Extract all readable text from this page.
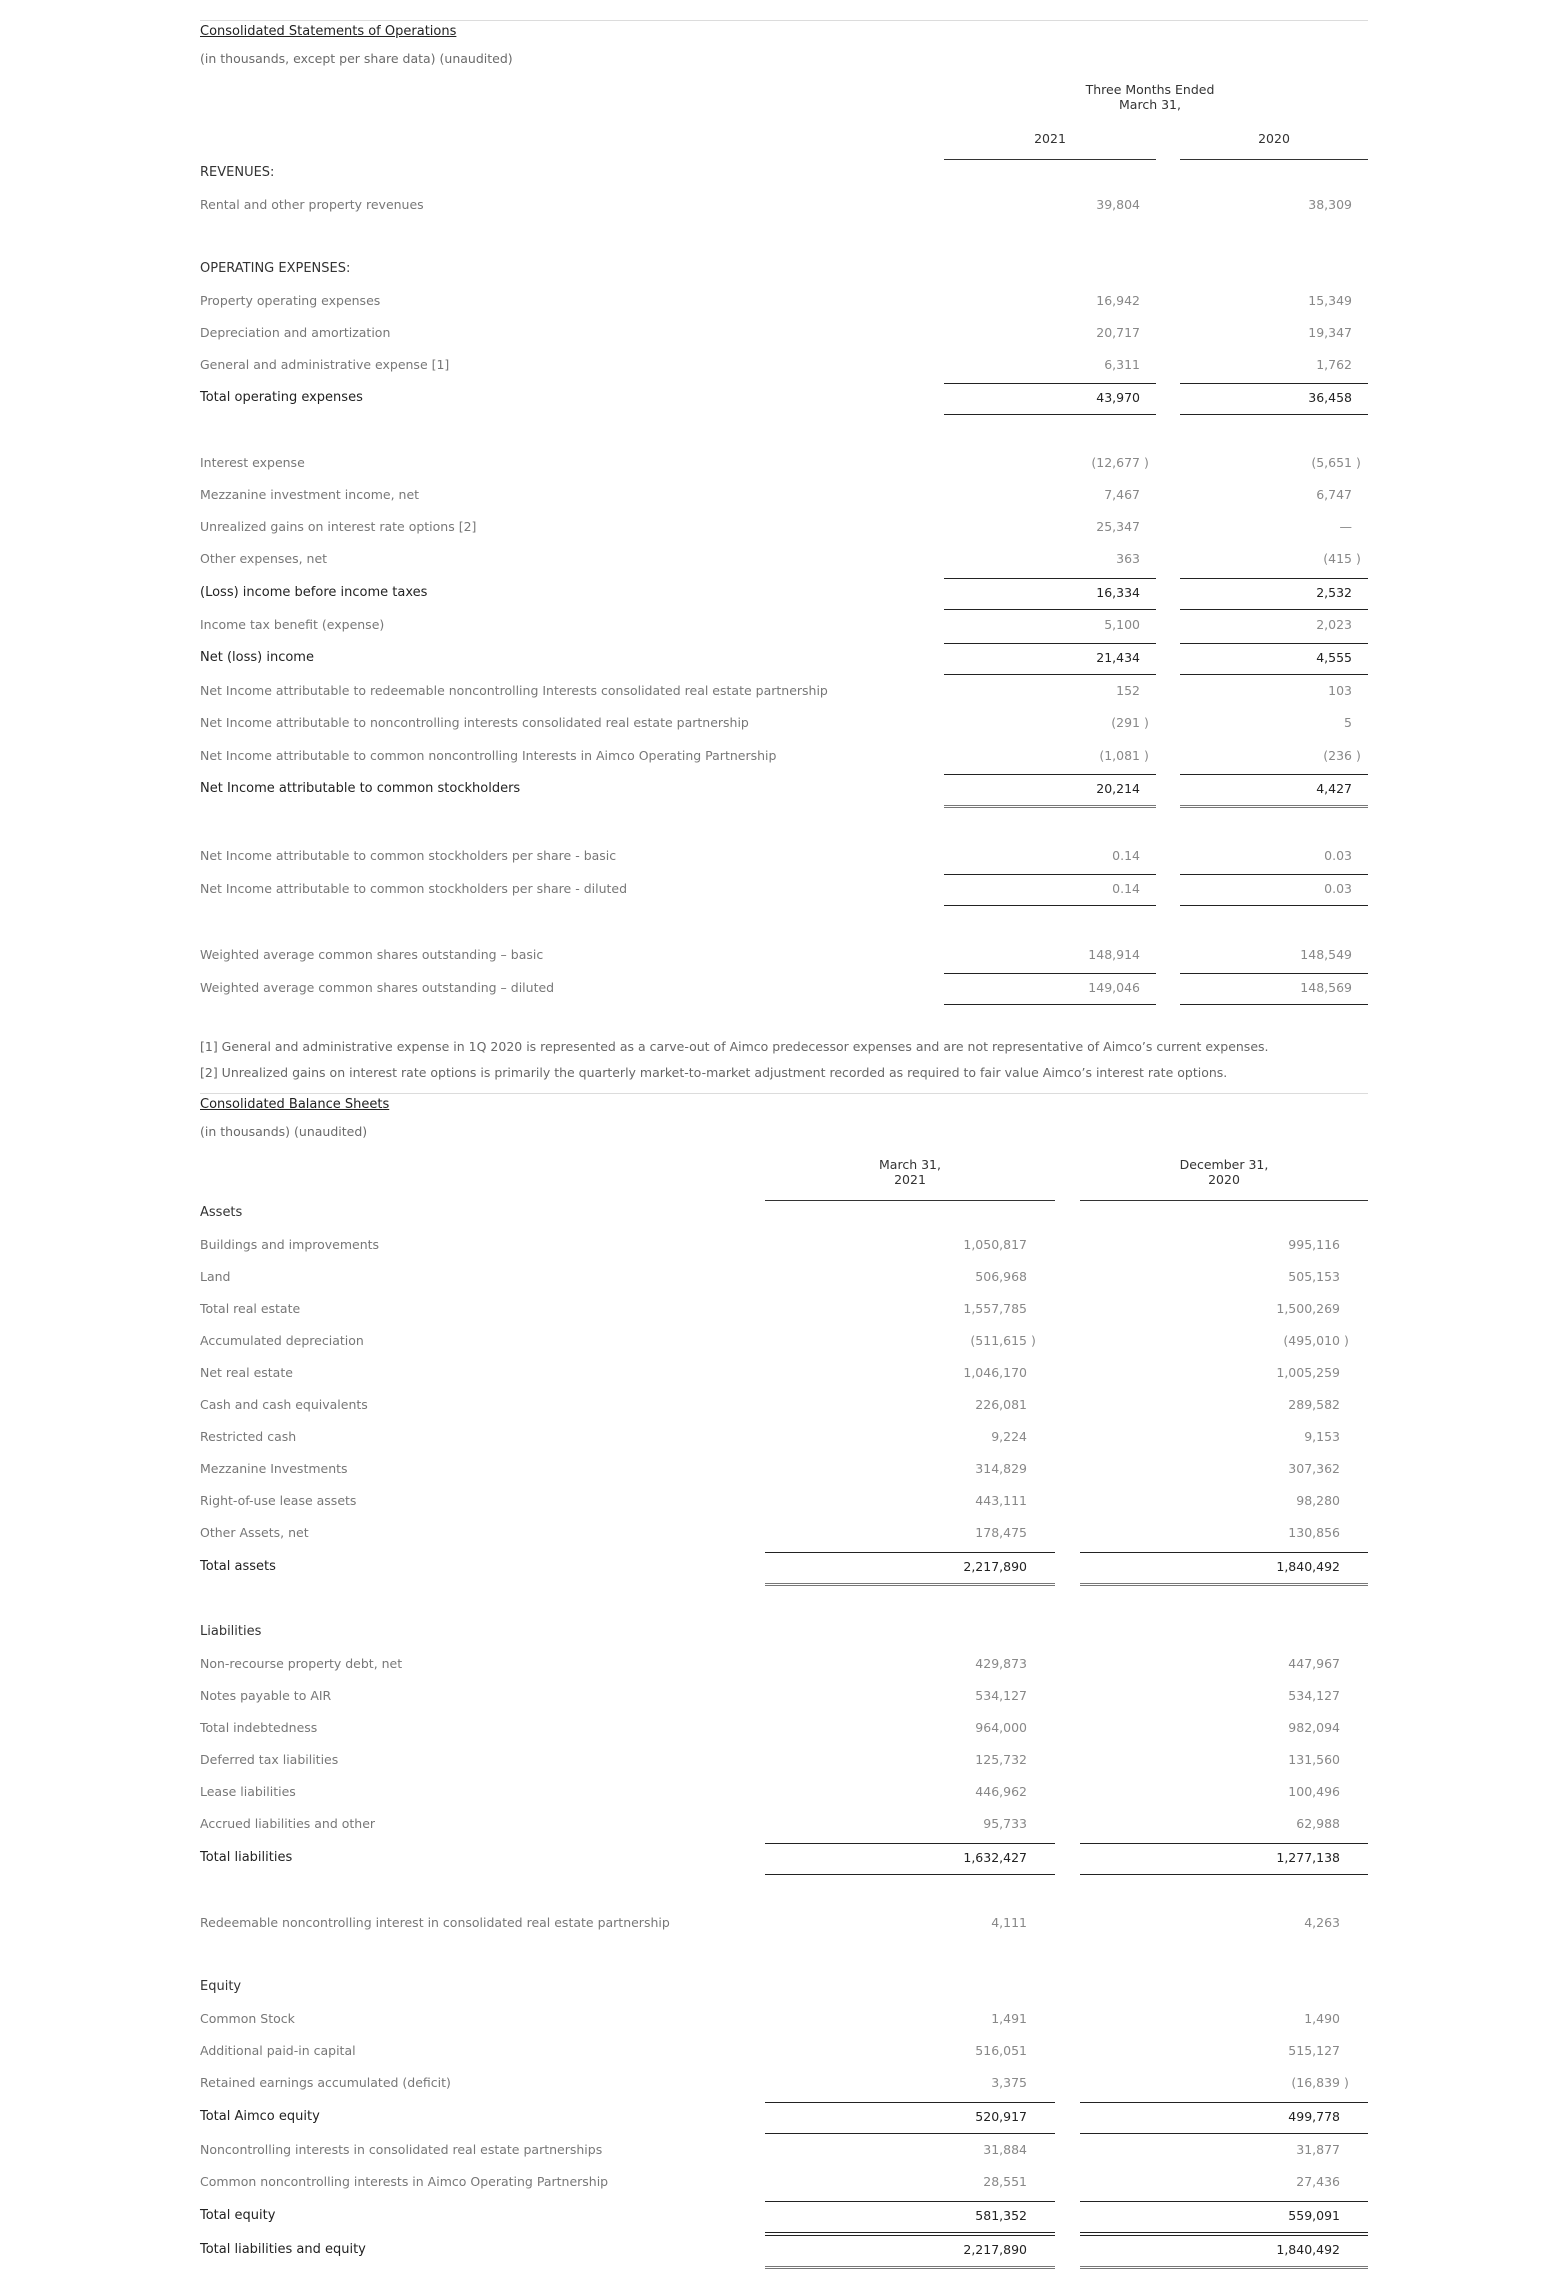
Consolidated Statements of Operations
(in thousands, except per share data) (unaudited)
Three Months Ended
March 31,
2021	2020
REVENUES:
Rental and other property revenues	39,804	38,309
OPERATING EXPENSES:
Property operating expenses	16,942	15,349
Depreciation and amortization	20,717	19,347
General and administrative expense [1]	6,311	1,762
Total operating expenses	43,970	36,458
Interest expense	(12,677 )	(5,651 )
Mezzanine investment income, net	7,467	6,747
Unrealized gains on interest rate options [2]	25,347	—
Other expenses, net	363	(415 )
(Loss) income before income taxes	16,334	2,532
Income tax benefit (expense)	5,100	2,023
Net (loss) income	21,434	4,555
Net Income attributable to redeemable noncontrolling Interests consolidated real estate partnership	152	103
Net Income attributable to noncontrolling interests consolidated real estate partnership	(291 )	5
Net Income attributable to common noncontrolling Interests in Aimco Operating Partnership	(1,081 )	(236 )
Net Income attributable to common stockholders	20,214	4,427
Net Income attributable to common stockholders per share - basic	0.14	0.03
Net Income attributable to common stockholders per share - diluted	0.14	0.03
Weighted average common shares outstanding – basic	148,914	148,549
Weighted average common shares outstanding – diluted	149,046	148,569
[1] General and administrative expense in 1Q 2020 is represented as a carve-out of Aimco predecessor expenses and are not representative of Aimco’s current expenses.
[2] Unrealized gains on interest rate options is primarily the quarterly market-to-market adjustment recorded as required to fair value Aimco’s interest rate options.
Consolidated Balance Sheets
(in thousands) (unaudited)
March 31,
2021
December 31,
2020
Assets
Buildings and improvements	1,050,817	995,116
Land	506,968	505,153
Total real estate	1,557,785	1,500,269
Accumulated depreciation	(511,615 )	(495,010 )
Net real estate	1,046,170	1,005,259
Cash and cash equivalents	226,081	289,582
Restricted cash	9,224	9,153
Mezzanine Investments	314,829	307,362
Right-of-use lease assets	443,111	98,280
Other Assets, net	178,475	130,856
Total assets	2,217,890	1,840,492
Liabilities
Non-recourse property debt, net	429,873	447,967
Notes payable to AIR	534,127	534,127
Total indebtedness	964,000	982,094
Deferred tax liabilities	125,732	131,560
Lease liabilities	446,962	100,496
Accrued liabilities and other	95,733	62,988
Total liabilities	1,632,427	1,277,138
Redeemable noncontrolling interest in consolidated real estate partnership	4,111	4,263
Equity
Common Stock	1,491	1,490
Additional paid-in capital	516,051	515,127
Retained earnings accumulated (deficit)	3,375	(16,839 )
Total Aimco equity	520,917	499,778
Noncontrolling interests in consolidated real estate partnerships	31,884	31,877
Common noncontrolling interests in Aimco Operating Partnership	28,551	27,436
Total equity	581,352	559,091
Total liabilities and equity	2,217,890	1,840,492
